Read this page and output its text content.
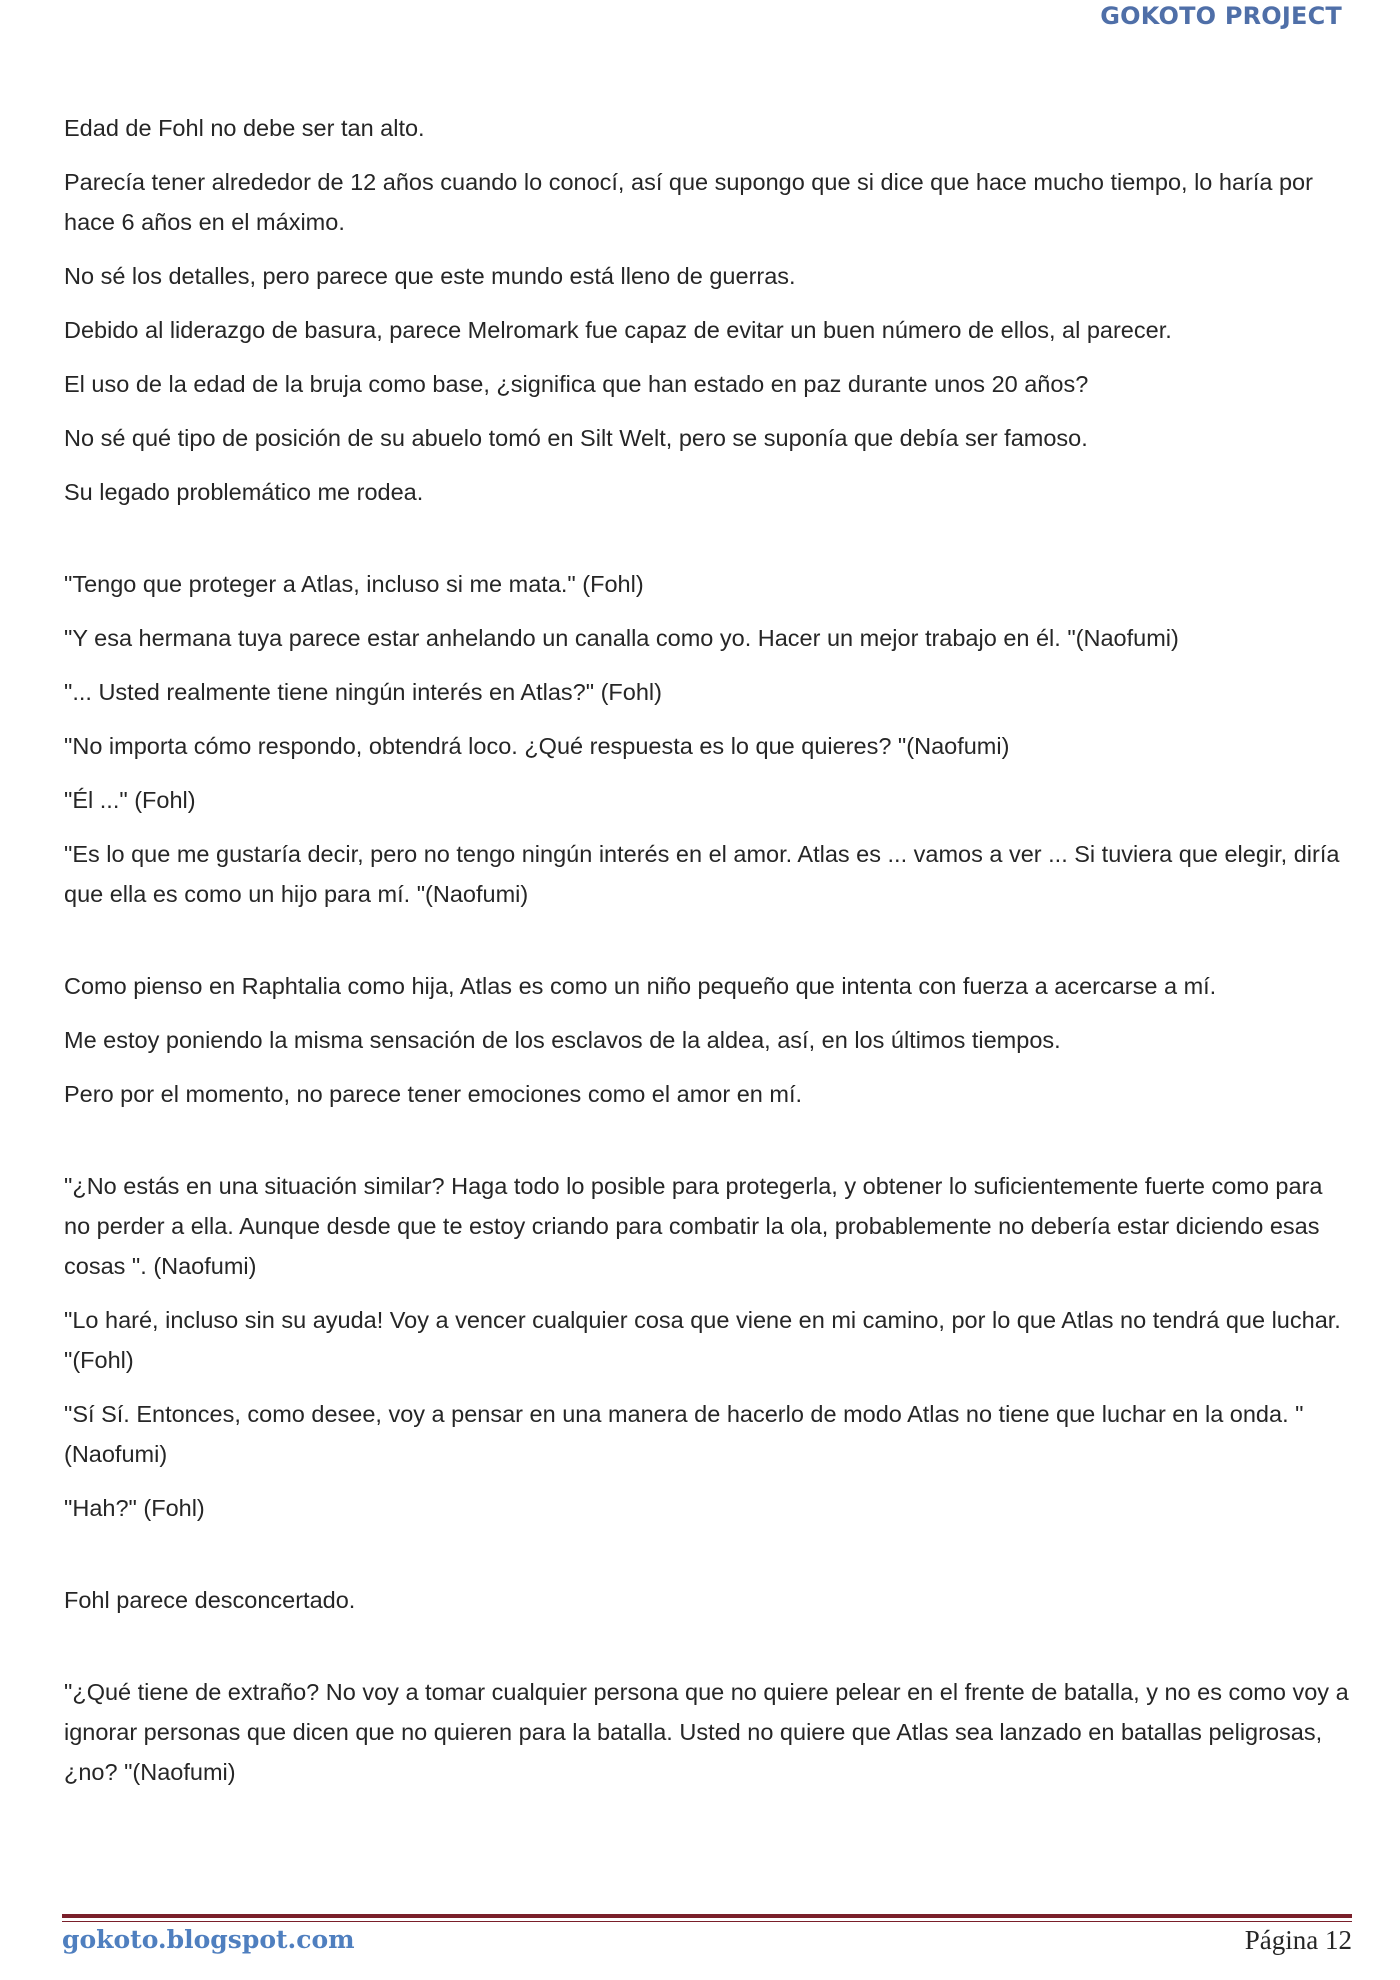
GOKOTO PROJECT

Edad de Fohl no debe ser tan alto.

Parecía tener alrededor de 12 años cuando lo conocí, así que supongo que si dice que hace mucho tiempo, lo haría por hace 6 años en el máximo.

No sé los detalles, pero parece que este mundo está lleno de guerras.

Debido al liderazgo de basura, parece Melromark fue capaz de evitar un buen número de ellos, al parecer.

El uso de la edad de la bruja como base, ¿significa que han estado en paz durante unos 20 años?

No sé qué tipo de posición de su abuelo tomó en Silt Welt, pero se suponía que debía ser famoso.

Su legado problemático me rodea.

"Tengo que proteger a Atlas, incluso si me mata." (Fohl)

"Y esa hermana tuya parece estar anhelando un canalla como yo. Hacer un mejor trabajo en él. "(Naofumi)

"... Usted realmente tiene ningún interés en Atlas?" (Fohl)

"No importa cómo respondo, obtendrá loco. ¿Qué respuesta es lo que quieres? "(Naofumi)

"Él ..." (Fohl)

"Es lo que me gustaría decir, pero no tengo ningún interés en el amor. Atlas es ... vamos a ver ... Si tuviera que elegir, diría que ella es como un hijo para mí. "(Naofumi)

Como pienso en Raphtalia como hija, Atlas es como un niño pequeño que intenta con fuerza a acercarse a mí.

Me estoy poniendo la misma sensación de los esclavos de la aldea, así, en los últimos tiempos.

Pero por el momento, no parece tener emociones como el amor en mí.

"¿No estás en una situación similar? Haga todo lo posible para protegerla, y obtener lo suficientemente fuerte como para no perder a ella. Aunque desde que te estoy criando para combatir la ola, probablemente no debería estar diciendo esas cosas ". (Naofumi)

"Lo haré, incluso sin su ayuda! Voy a vencer cualquier cosa que viene en mi camino, por lo que Atlas no tendrá que luchar. "(Fohl)

"Sí Sí. Entonces, como desee, voy a pensar en una manera de hacerlo de modo Atlas no tiene que luchar en la onda. "(Naofumi)

"Hah?" (Fohl)

Fohl parece desconcertado.

"¿Qué tiene de extraño? No voy a tomar cualquier persona que no quiere pelear en el frente de batalla, y no es como voy a ignorar personas que dicen que no quieren para la batalla. Usted no quiere que Atlas sea lanzado en batallas peligrosas, ¿no? "(Naofumi)

gokoto.blogspot.com	Página 12
